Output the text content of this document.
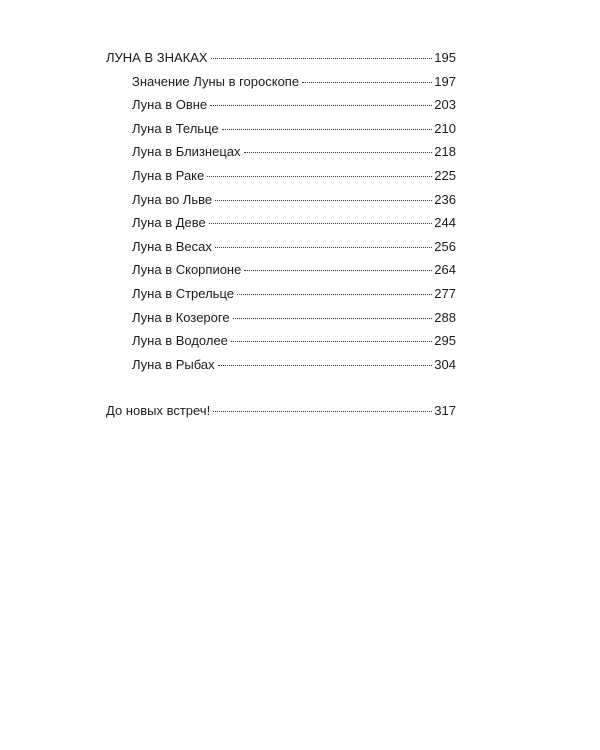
ЛУНА В ЗНАКАХ	195
Значение Луны в гороскопе	197
Луна в Овне	203
Луна в Тельце	210
Луна в Близнецах	218
Луна в Раке	225
Луна во Льве	236
Луна в Деве	244
Луна в Весах	256
Луна в Скорпионе	264
Луна в Стрельце	277
Луна в Козероге	288
Луна в Водолее	295
Луна в Рыбах	304
До новых встреч!	317
